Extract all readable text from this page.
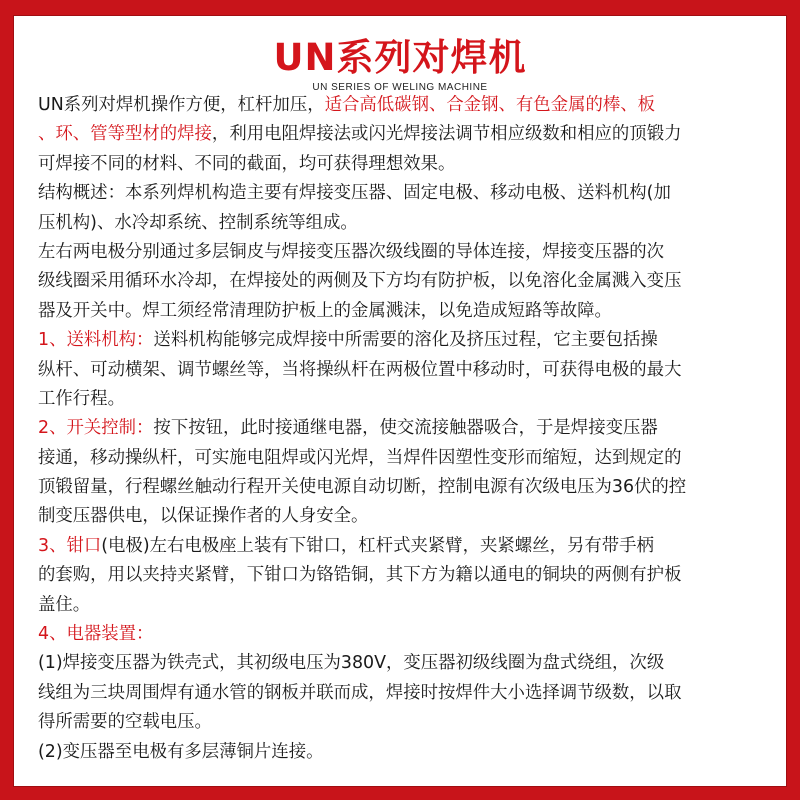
UN系列对焊机
UN SERIES OF WELING MACHINE
UN系列对焊机操作方便，杠杆加压，适合高低碳钢、合金钢、有色金属的棒、板
、环、管等型材的焊接，利用电阻焊接法或闪光焊接法调节相应级数和相应的顶锻力
可焊接不同的材料、不同的截面，均可获得理想效果。
结构概述：本系列焊机构造主要有焊接变压器、固定电极、移动电极、送料机构(加
压机构)、水冷却系统、控制系统等组成。
左右两电极分别通过多层铜皮与焊接变压器次级线圈的导体连接，焊接变压器的次
级线圈采用循环水冷却，在焊接处的两侧及下方均有防护板，以免溶化金属溅入变压
器及开关中。焊工须经常清理防护板上的金属溅沫，以免造成短路等故障。
1、送料机构：送料机构能够完成焊接中所需要的溶化及挤压过程，它主要包括操
纵杆、可动横架、调节螺丝等，当将操纵杆在两极位置中移动时，可获得电极的最大
工作行程。
2、开关控制：按下按钮，此时接通继电器，使交流接触器吸合，于是焊接变压器
接通，移动操纵杆，可实施电阻焊或闪光焊，当焊件因塑性变形而缩短，达到规定的
顶锻留量，行程螺丝触动行程开关使电源自动切断，控制电源有次级电压为36伏的控
制变压器供电，以保证操作者的人身安全。
3、钳口(电极)左右电极座上装有下钳口，杠杆式夹紧臂，夹紧螺丝，另有带手柄
的套购，用以夹持夹紧臂，下钳口为铬锆铜，其下方为籍以通电的铜块的两侧有护板
盖住。
4、电器装置：
(1)焊接变压器为铁壳式，其初级电压为380V，变压器初级线圈为盘式绕组，次级
线组为三块周围焊有通水管的钢板并联而成，焊接时按焊件大小选择调节级数，以取
得所需要的空载电压。
(2)变压器至电极有多层薄铜片连接。
